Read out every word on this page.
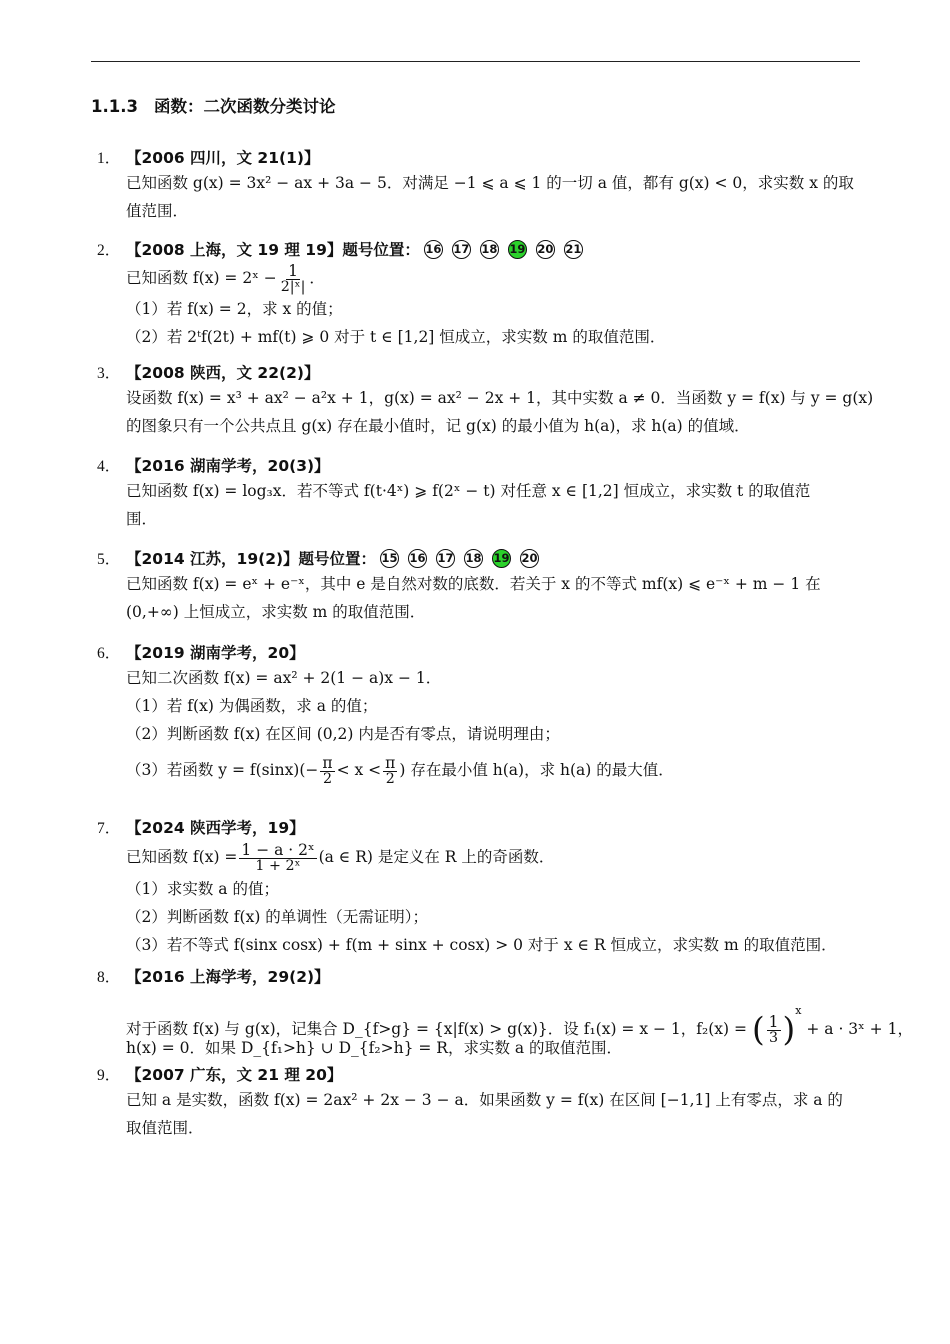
1.1.3 函数：二次函数分类讨论
1． 【2006 四川，文 21(1)】
已知函数 g(x) = 3x² − ax + 3a − 5．对满足 −1 ⩽ a ⩽ 1 的一切 a 值，都有 g(x) < 0，求实数 x 的取
值范围．
2． 【2008 上海，文 19 理 19】题号位置： 16 17 18 19 20 21
已知函数 f(x) = 2ˣ − $\frac{1}{\text{2|ˣ|}}$ ．
（1）若 f(x) = 2，求 x 的值；
（2）若 2ᵗf(2t) + mf(t) ⩾ 0 对于 t ∈ [1,2] 恒成立，求实数 m 的取值范围．
3． 【2008 陕西，文 22(2)】
设函数 f(x) = x³ + ax² − a²x + 1，g(x) = ax² − 2x + 1，其中实数 a ≠ 0．当函数 y = f(x) 与 y = g(x)
的图象只有一个公共点且 g(x) 存在最小值时，记 g(x) 的最小值为 h(a)，求 h(a) 的值域．
4． 【2016 湖南学考，20(3)】
已知函数 f(x) = log₃x．若不等式 f(t·4ˣ) ⩾ f(2ˣ − t) 对任意 x ∈ [1,2] 恒成立，求实数 t 的取值范
围．
5． 【2014 江苏，19(2)】题号位置： 15 16 17 18 19 20
已知函数 f(x) = eˣ + e⁻ˣ，其中 e 是自然对数的底数．若关于 x 的不等式 mf(x) ⩽ e⁻ˣ + m − 1 在
(0,+∞) 上恒成立，求实数 m 的取值范围．
6． 【2019 湖南学考，20】
已知二次函数 f(x) = ax² + 2(1 − a)x − 1．
（1）若 f(x) 为偶函数，求 a 的值；
（2）判断函数 f(x) 在区间 (0,2) 内是否有零点，请说明理由；
（3）若函数 $y = f(\sin x)(- \frac{\pi}{2} < x < \frac{\pi}{2}$ ) 存在最小值 h(a)，求 h(a) 的最大值．
7． 【2024 陕西学考，19】
已知函数 $f(x) = \frac{\text{1 − a · 2ˣ}}{\text{1 + 2ˣ}} (a$ ∈ R) 是定义在 R 上的奇函数．
（1）求实数 a 的值；
（2）判断函数 f(x) 的单调性（无需证明）；
（3）若不等式 f(sinx cosx) + f(m + sinx + cosx) > 0 对于 x ∈ R 恒成立，求实数 m 的取值范围．
8． 【2016 上海学考，29(2)】
对于函数 f(x) 与 g(x)，记集合 D_{f>g} = {x|f(x) > g(x)}．设 f₁(x) = x − 1，f₂(x) = ( $\frac{1}{3} )^x + a$ · 3ˣ + 1，
h(x) = 0．如果 D_{f₁>h} ∪ D_{f₂>h} = R，求实数 a 的取值范围．
9． 【2007 广东，文 21 理 20】
已知 a 是实数，函数 f(x) = 2ax² + 2x − 3 − a．如果函数 y = f(x) 在区间 [−1,1] 上有零点，求 a 的
取值范围．
